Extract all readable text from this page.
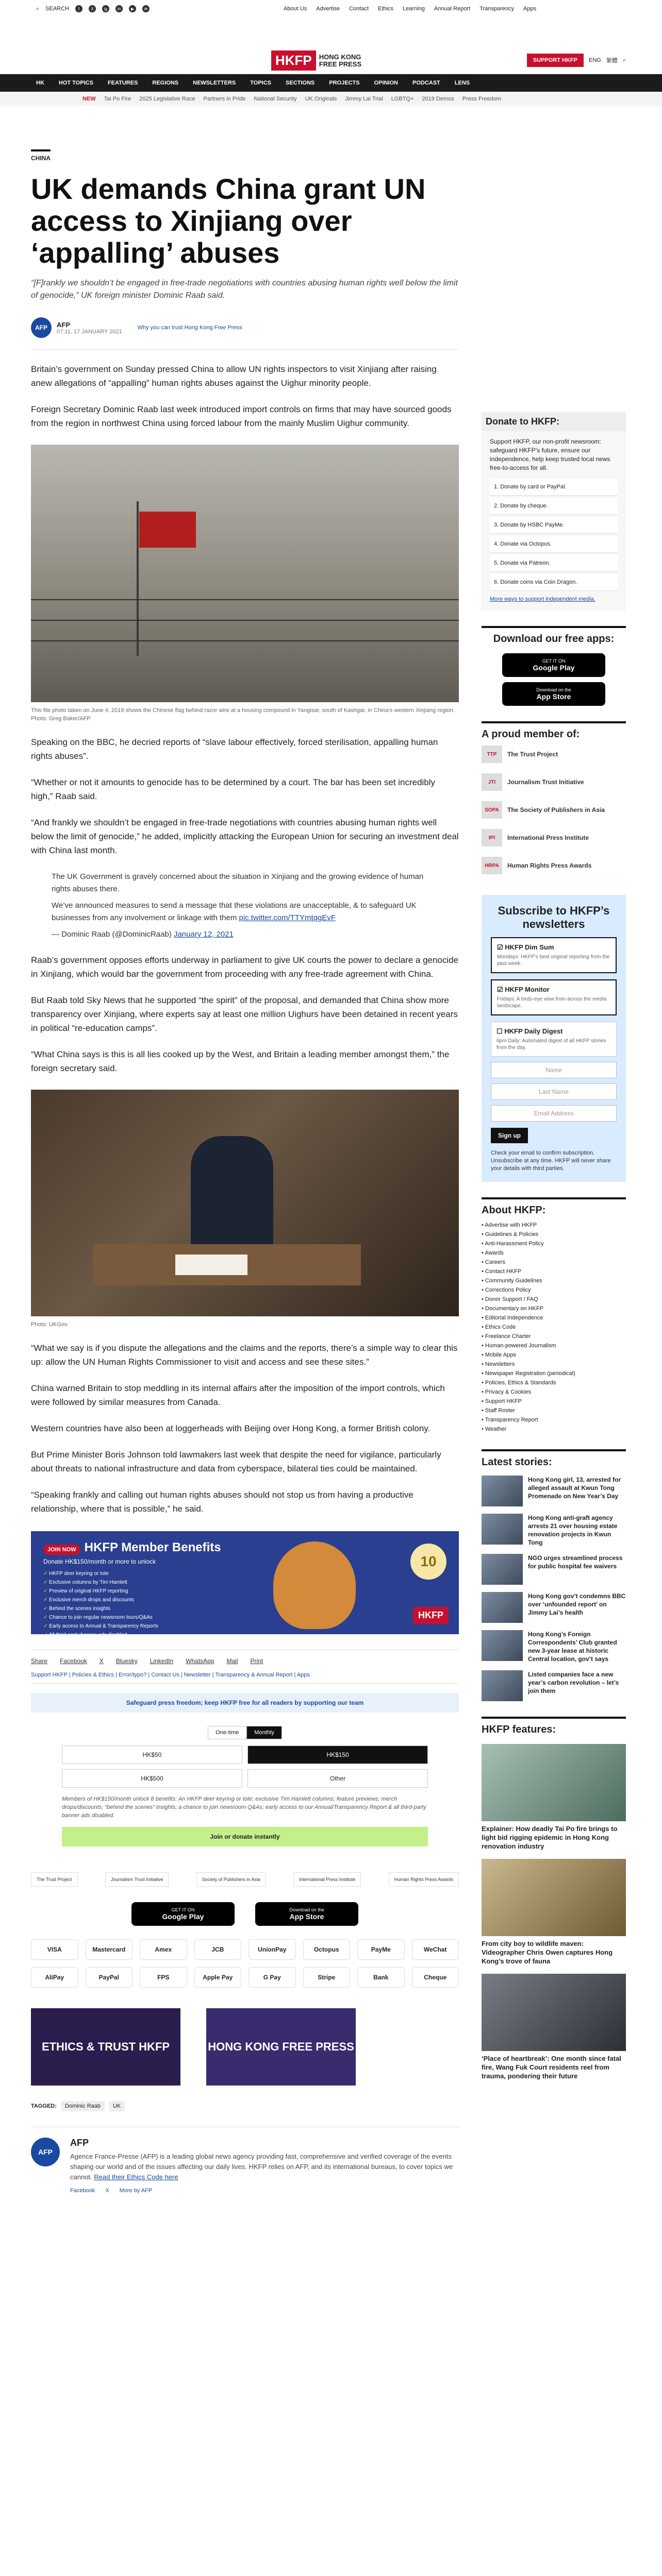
⌕ SEARCH	f	X	ig	in	▶	✉	About Us Advertise Contact Ethics Learning Annual Report Transparency Apps
HKFP	HONG KONG
FREE PRESS	SUPPORT HKFP	ENG 繁體 ⌕
HK	HOT TOPICS	FEATURES	REGIONS	NEWSLETTERS	TOPICS	SECTIONS	PROJECTS	OPINION	PODCAST	LENS
NEW Tai Po Fire 2025 Legislative Race Partners in Pride National Security UK Originals Jimmy Lai Trial LGBTQ+ 2019 Demos Press Freedom
CHINA
UK demands China grant UN access to Xinjiang over ‘appalling’ abuses

“[F]rankly we shouldn’t be engaged in free-trade negotiations with countries abusing human rights well below the limit of genocide,” UK foreign minister Dominic Raab said.

AFP	AFP
07:11, 17 JANUARY 2021
Why you can trust Hong Kong Free Press

Britain’s government on Sunday pressed China to allow UN rights inspectors to visit Xinjiang after raising anew allegations of “appalling” human rights abuses against the Uighur minority people.

Foreign Secretary Dominic Raab last week introduced import controls on firms that may have sourced goods from the region in northwest China using forced labour from the mainly Muslim Uighur community.

This file photo taken on June 4, 2019 shows the Chinese flag behind razor wire at a housing compound in Yangisar, south of Kashgar, in China’s western Xinjiang region. Photo: Greg Baker/AFP.

Speaking on the BBC, he decried reports of “slave labour effectively, forced sterilisation, appalling human rights abuses”.

“Whether or not it amounts to genocide has to be determined by a court. The bar has been set incredibly high,” Raab said.

“And frankly we shouldn’t be engaged in free-trade negotiations with countries abusing human rights well below the limit of genocide,” he added, implicitly attacking the European Union for securing an investment deal with China last month.

The UK Government is gravely concerned about the situation in Xinjiang and the growing evidence of human rights abuses there.

We’ve announced measures to send a message that these violations are unacceptable, & to safeguard UK businesses from any involvement or linkage with them pic.twitter.com/TTYmtqgEvF

— Dominic Raab (@DominicRaab) January 12, 2021

Raab’s government opposes efforts underway in parliament to give UK courts the power to declare a genocide in Xinjiang, which would bar the government from proceeding with any free-trade agreement with China.

But Raab told Sky News that he supported “the spirit” of the proposal, and demanded that China show more transparency over Xinjiang, where experts say at least one million Uighurs have been detained in recent years in political “re-education camps”.

“What China says is this is all lies cooked up by the West, and Britain a leading member amongst them,” the foreign secretary said.

Photo: UKGov.

“What we say is if you dispute the allegations and the claims and the reports, there’s a simple way to clear this up: allow the UN Human Rights Commissioner to visit and access and see these sites.”

China warned Britain to stop meddling in its internal affairs after the imposition of the import controls, which were followed by similar measures from Canada.

Western countries have also been at loggerheads with Beijing over Hong Kong, a former British colony.

But Prime Minister Boris Johnson told lawmakers last week that despite the need for vigilance, particularly about threats to national infrastructure and data from cyberspace, bilateral ties could be maintained.

“Speaking frankly and calling out human rights abuses should not stop us from having a productive relationship, where that is possible,” he said.

JOIN NOW HKFP Member Benefits
Donate HK$150/month or more to unlock
✓ HKFP deer keyring or tote
✓ Exclusive columns by Tim Hamlett
✓ Preview of original HKFP reporting
✓ Exclusive merch drops and discounts
✓ Behind the scenes insights
✓ Chance to join regular newsroom tours/Q&As
✓ Early access to Annual & Transparency Reports
✓ All third-party banner ads disabled
10
HKFP
Share Facebook X Bluesky LinkedIn WhatsApp Mail Print
Support HKFP | Policies & Ethics | Error/typo? | Contact Us | Newsletter | Transparency & Annual Report | Apps
Safeguard press freedom; keep HKFP free for all readers by supporting our team
One-time	Monthly
HK$50	HK$150
HK$500	Other

Members of HK$150/month unlock 8 benefits: An HKFP deer keyring or tote; exclusive Tim Hamlett columns; feature previews; merch drops/discounts; “behind the scenes” insights; a chance to join newsroom Q&As; early access to our Annual/Transparency Report & all third-party banner ads disabled.

Join or donate instantly
The Trust Project	Journalism Trust Initiative	Society of Publishers in Asia	International Press Institute	Human Rights Press Awards
GET IT ON
Google Play
Download on the
App Store
VISA	Mastercard	Amex	JCB	UnionPay	Octopus	PayMe	WeChat
AliPay	PayPal	FPS	Apple Pay	G Pay	Stripe	Bank	Cheque
ETHICS & TRUST HKFP	HONG KONG FREE PRESS
TAGGED:	Dominic Raab	UK
AFP
AFP

Agence France-Presse (AFP) is a leading global news agency providing fast, comprehensive and verified coverage of the events shaping our world and of the issues affecting our daily lives. HKFP relies on AFP, and its international bureaus, to cover topics we cannot. Read their Ethics Code here

Facebook X More by AFP
Donate to HKFP:

Support HKFP, our non-profit newsroom: safeguard HKFP’s future, ensure our independence, help keep trusted local news free-to-access for all.

1. Donate by card or PayPal.
2. Donate by cheque.
3. Donate by HSBC PayMe.
4. Donate via Octopus.
5. Donate via Patreon.
6. Donate coins via Coin Dragon.
More ways to support independent media.
Download our free apps:
GET IT ON
Google Play
Download on the
App Store
A proud member of:
TTP	The Trust Project
JTI	Journalism Trust Initiative
SOPA	The Society of Publishers in Asia
IPI	International Press Institute
HRPA	Human Rights Press Awards
Subscribe to HKFP’s newsletters
☑ HKFP Dim Sum
Mondays: HKFP’s best original reporting from the past week.
☑ HKFP Monitor
Fridays: A birds-eye view from across the media landscape.
☐ HKFP Daily Digest
6pm Daily: Automated digest of all HKFP stories from the day.
Name
Last Name
Email Address
Sign up

Check your email to confirm subscription. Unsubscribe at any time. HKFP will never share your details with third parties.

About HKFP:
• Advertise with HKFP
• Guidelines & Policies
• Anti-Harassment Policy
• Awards
• Careers
• Contact HKFP
• Community Guidelines
• Corrections Policy
• Donor Support / FAQ
• Documentary on HKFP
• Editorial Independence
• Ethics Code
• Freelance Charter
• Human-powered Journalism
• Mobile Apps
• Newsletters
• Newspaper Registration (periodical)
• Policies, Ethics & Standards
• Privacy & Cookies
• Support HKFP
• Staff Roster
• Transparency Report
• Weather
Latest stories:
Hong Kong girl, 13, arrested for alleged assault at Kwun Tong Promenade on New Year’s Day
Hong Kong anti-graft agency arrests 21 over housing estate renovation projects in Kwun Tong
NGO urges streamlined process for public hospital fee waivers
Hong Kong gov’t condemns BBC over ‘unfounded report’ on Jimmy Lai’s health
Hong Kong’s Foreign Correspondents’ Club granted new 3-year lease at historic Central location, gov’t says
Listed companies face a new year’s carbon revolution – let’s join them
HKFP features:

Explainer: How deadly Tai Po fire brings to light bid rigging epidemic in Hong Kong renovation industry

From city boy to wildlife maven: Videographer Chris Owen captures Hong Kong’s trove of fauna

‘Place of heartbreak’: One month since fatal fire, Wang Fuk Court residents reel from trauma, pondering their future
